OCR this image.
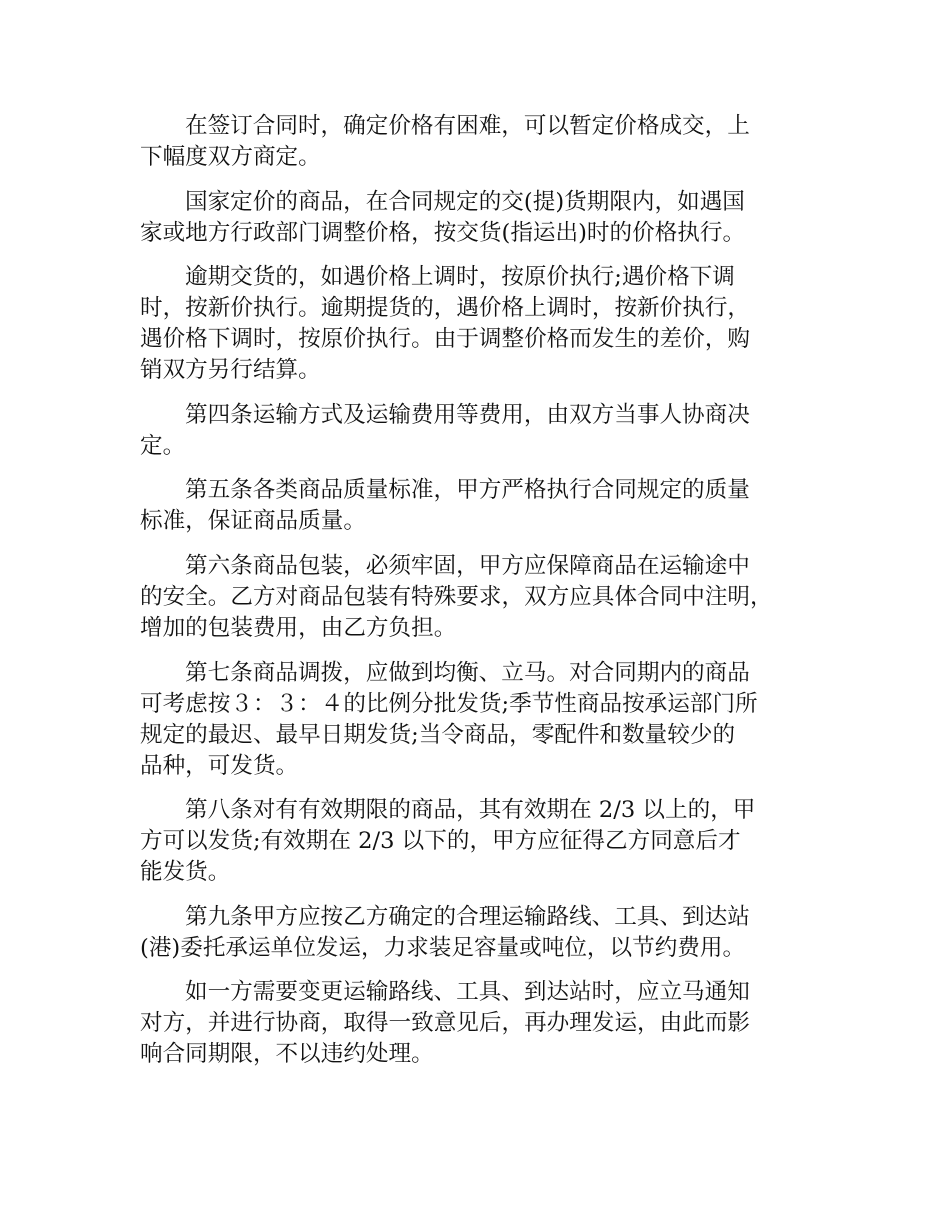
在签订合同时，确定价格有困难，可以暂定价格成交，上
下幅度双方商定。

国家定价的商品，在合同规定的交(提)货期限内，如遇国
家或地方行政部门调整价格，按交货(指运出)时的价格执行。

逾期交货的，如遇价格上调时，按原价执行;遇价格下调
时，按新价执行。逾期提货的，遇价格上调时，按新价执行，
遇价格下调时，按原价执行。由于调整价格而发生的差价，购
销双方另行结算。

第四条运输方式及运输费用等费用，由双方当事人协商决
定。

第五条各类商品质量标准，甲方严格执行合同规定的质量
标准，保证商品质量。

第六条商品包装，必须牢固，甲方应保障商品在运输途中
的安全。乙方对商品包装有特殊要求，双方应具体合同中注明，
增加的包装费用，由乙方负担。

第七条商品调拨，应做到均衡、立马。对合同期内的商品
可考虑按３：３：４的比例分批发货;季节性商品按承运部门所
规定的最迟、最早日期发货;当令商品，零配件和数量较少的
品种，可发货。

第八条对有有效期限的商品，其有效期在 2/3 以上的，甲
方可以发货;有效期在 2/3 以下的，甲方应征得乙方同意后才
能发货。

第九条甲方应按乙方确定的合理运输路线、工具、到达站
(港)委托承运单位发运，力求装足容量或吨位，以节约费用。

如一方需要变更运输路线、工具、到达站时，应立马通知
对方，并进行协商，取得一致意见后，再办理发运，由此而影
响合同期限，不以违约处理。
